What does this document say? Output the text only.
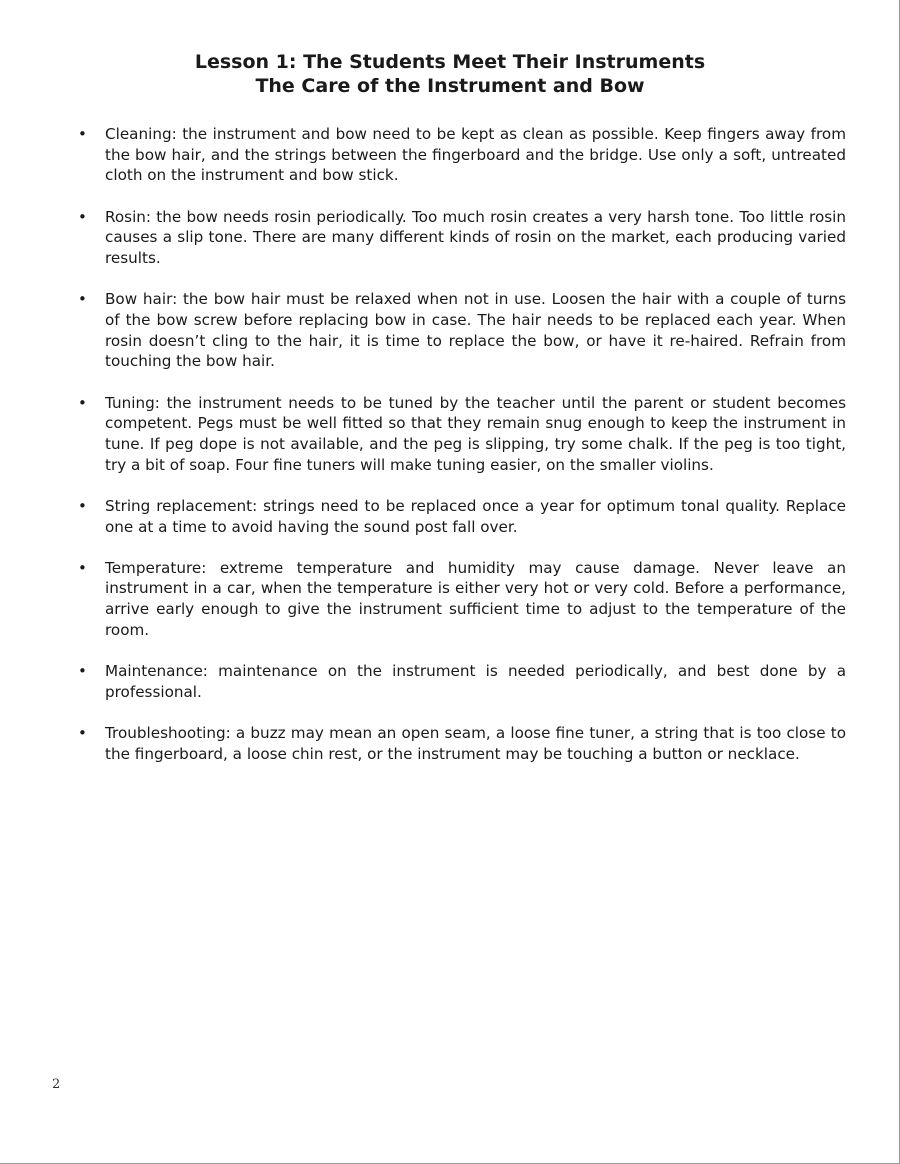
Lesson 1: The Students Meet Their Instruments
The Care of the Instrument and Bow
• Cleaning: the instrument and bow need to be kept as clean as possible. Keep fingers away from the bow hair, and the strings between the fingerboard and the bridge. Use only a soft, untreated cloth on the instrument and bow stick.
• Rosin: the bow needs rosin periodically. Too much rosin creates a very harsh tone. Too little rosin causes a slip tone. There are many different kinds of rosin on the market, each producing varied results.
• Bow hair: the bow hair must be relaxed when not in use. Loosen the hair with a couple of turns of the bow screw before replacing bow in case. The hair needs to be replaced each year. When rosin doesn’t cling to the hair, it is time to replace the bow, or have it re-haired. Refrain from touching the bow hair.
• Tuning: the instrument needs to be tuned by the teacher until the parent or student becomes competent. Pegs must be well fitted so that they remain snug enough to keep the instrument in tune. If peg dope is not available, and the peg is slipping, try some chalk. If the peg is too tight, try a bit of soap. Four fine tuners will make tuning easier, on the smaller violins.
• String replacement: strings need to be replaced once a year for optimum tonal quality. Replace one at a time to avoid having the sound post fall over.
• Temperature: extreme temperature and humidity may cause damage. Never leave an instrument in a car, when the temperature is either very hot or very cold. Before a performance, arrive early enough to give the instrument sufficient time to adjust to the temperature of the room.
• Maintenance: maintenance on the instrument is needed periodically, and best done by a professional.
• Troubleshooting: a buzz may mean an open seam, a loose fine tuner, a string that is too close to the fingerboard, a loose chin rest, or the instrument may be touching a button or necklace.
2
